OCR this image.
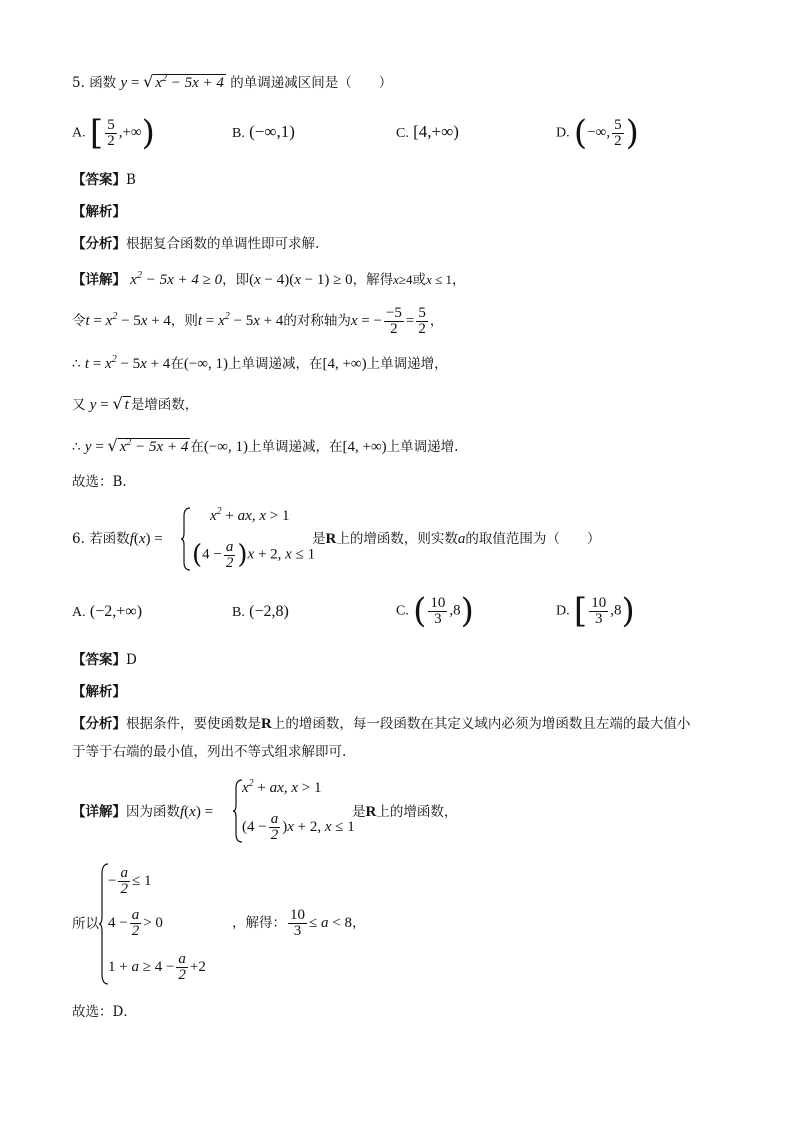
5. 函数 y = √ $x^2 - 5x + 4$ 的单调递减区间是（　　）
A. [ $\frac{5}{2}$ ,+∞)	B. (−∞,1)	C. [4,+∞)	D. (−∞, $\frac{5}{2}$ )
【答案】B
【解析】
【分析】根据复合函数的单调性即可求解.
【详解】 $x^2 - 5x + 4 \ge 0$，即(x − 4)(x − 1) ≥ 0，解得x≥4或x ≤ 1，
令$t = x^2 - 5x + 4$，则$t = x^2 - 5x + 4$的对称轴为x = − $\frac{-5}{2} = \frac{5}{2}$ ，
∴ $t = x^2 - 5x + 4$在(−∞, 1)上单调递减，在[4, +∞)上单调递增，
又 y = √ t 是增函数，
∴ y = √ $x^2 - 5x + 4$ 在(−∞, 1)上单调递减，在[4, +∞)上单调递增.
故选：B.
6. 若函数f(x) =
$x^2$ + ax, x > 1
$(4 - \frac{a}{2} )x + 2$, x ≤ 1
是R上的增函数，则实数a的取值范围为（　　）
A. (−2,+∞)	B. (−2,8)	C. ( $\frac{10}{3} ,8$)	D. [ $\frac{10}{3} ,8$)
【答案】D
【解析】
【分析】根据条件，要使函数是R上的增函数，每一段函数在其定义域内必须为增函数且左端的最大值小
于等于右端的最小值，列出不等式组求解即可.
【详解】因为函数f(x) =
$x^2$ + ax, x > 1
$(4 - \frac{a}{2} )x + 2$, x ≤ 1
是R上的增函数，
所以
− $\frac{a}{2} \le 1$
$4 - \frac{a}{2} > 0$
$1 + a \ge 4 - \frac{a}{2} +2$
，解得： $\frac{10}{3} \le a < 8$，
故选：D．
